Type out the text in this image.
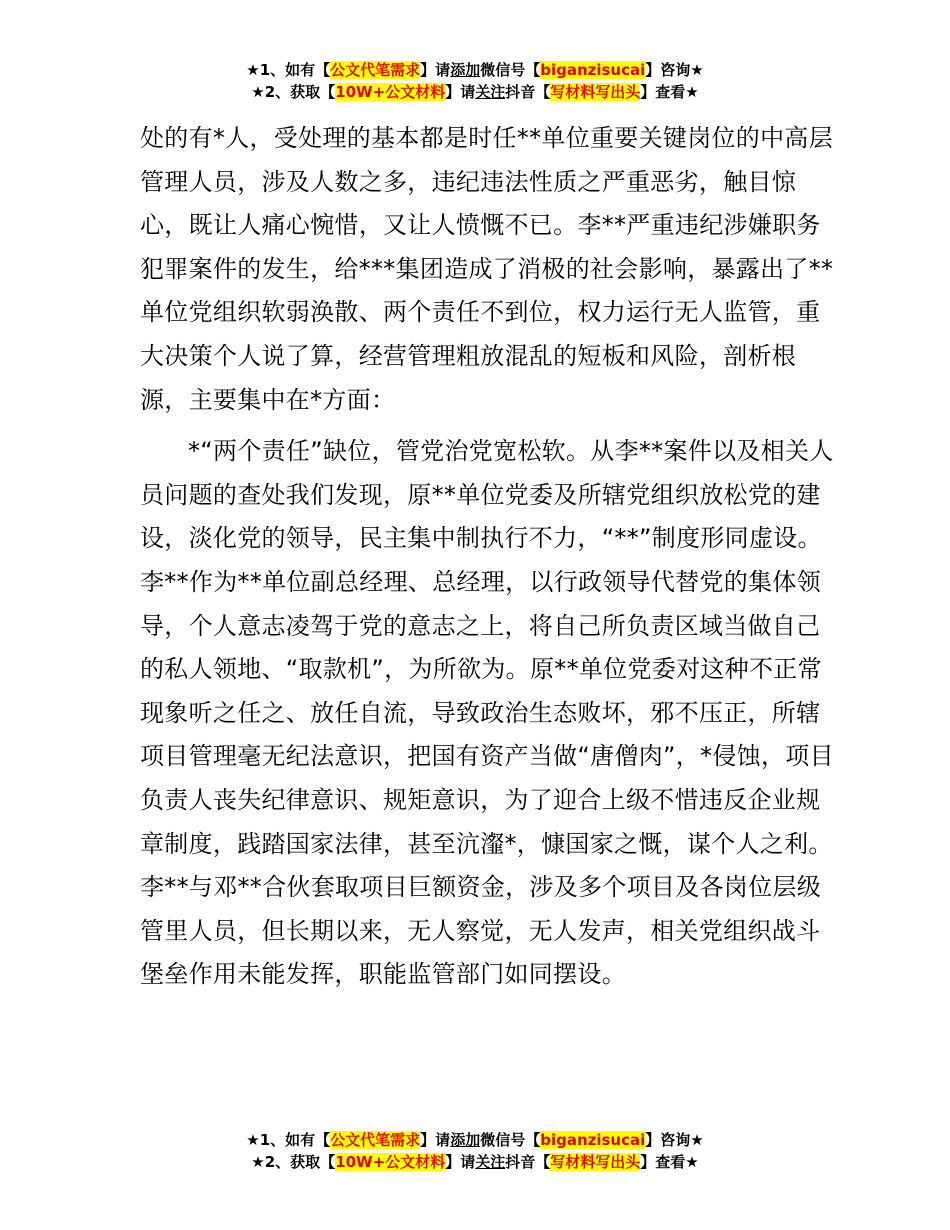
★1、如有【公文代笔需求】请添加微信号【biganzisucai】咨询★
★2、获取【10W+公文材料】请关注抖音【写材料写出头】查看★

处的有*人，受处理的基本都是时任**单位重要关键岗位的中高层管理人员，涉及人数之多，违纪违法性质之严重恶劣，触目惊心，既让人痛心惋惜，又让人愤慨不已。李**严重违纪涉嫌职务犯罪案件的发生，给***集团造成了消极的社会影响，暴露出了**单位党组织软弱涣散、两个责任不到位，权力运行无人监管，重大决策个人说了算，经营管理粗放混乱的短板和风险，剖析根源，主要集中在*方面：

*“两个责任”缺位，管党治党宽松软。从李**案件以及相关人员问题的查处我们发现，原**单位党委及所辖党组织放松党的建设，淡化党的领导，民主集中制执行不力，“**”制度形同虚设。李**作为**单位副总经理、总经理，以行政领导代替党的集体领导，个人意志凌驾于党的意志之上，将自己所负责区域当做自己的私人领地、“取款机”，为所欲为。原**单位党委对这种不正常现象听之任之、放任自流，导致政治生态败坏，邪不压正，所辖项目管理毫无纪法意识，把国有资产当做“唐僧肉”，*侵蚀，项目负责人丧失纪律意识、规矩意识，为了迎合上级不惜违反企业规章制度，践踏国家法律，甚至沆瀣*，慷国家之慨，谋个人之利。李**与邓**合伙套取项目巨额资金，涉及多个项目及各岗位层级管里人员，但长期以来，无人察觉，无人发声，相关党组织战斗堡垒作用未能发挥，职能监管部门如同摆设。

★1、如有【公文代笔需求】请添加微信号【biganzisucai】咨询★
★2、获取【10W+公文材料】请关注抖音【写材料写出头】查看★
